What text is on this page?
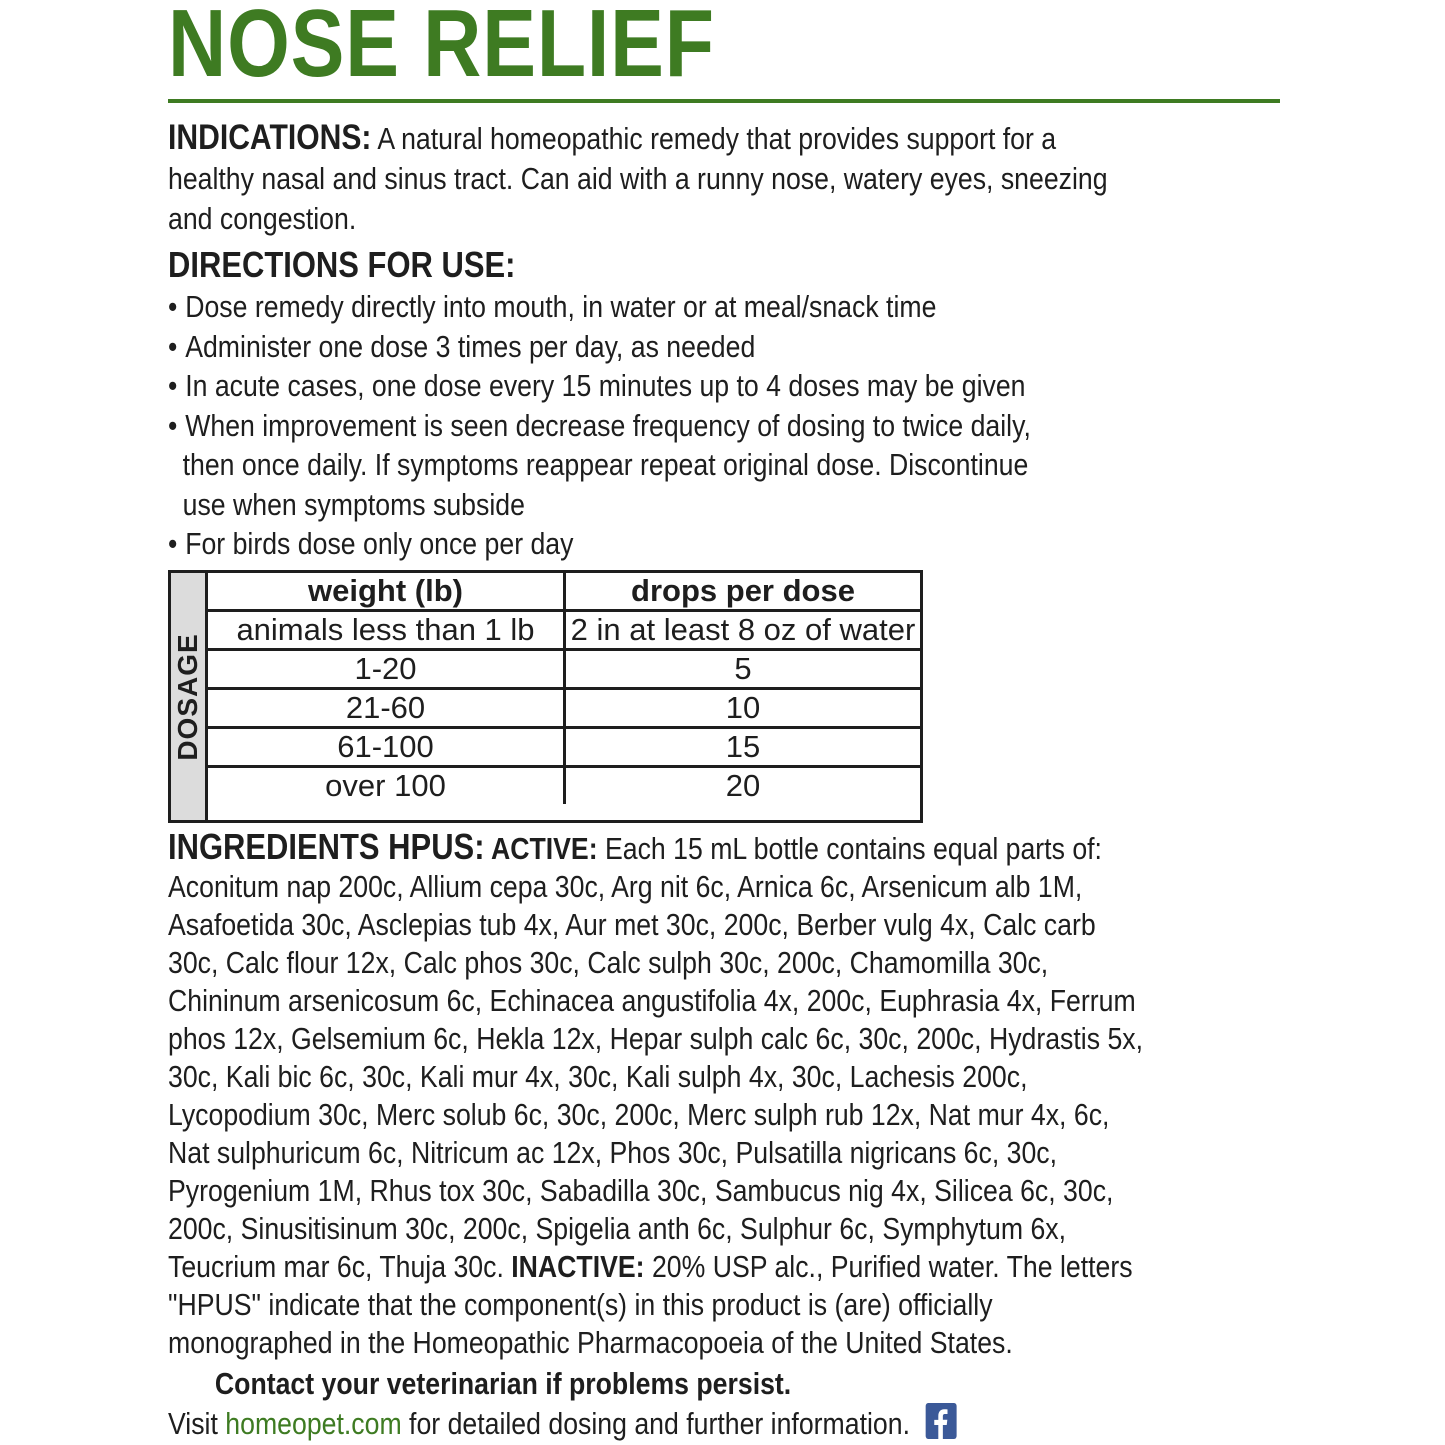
NOSE RELIEF
INDICATIONS: A natural homeopathic remedy that provides support for a
healthy nasal and sinus tract. Can aid with a runny nose, watery eyes, sneezing
and congestion.
DIRECTIONS FOR USE:
• Dose remedy directly into mouth, in water or at meal/snack time
• Administer one dose 3 times per day, as needed
• In acute cases, one dose every 15 minutes up to 4 doses may be given
• When improvement is seen decrease frequency of dosing to twice daily,
then once daily. If symptoms reappear repeat original dose. Discontinue
use when symptoms subside
• For birds dose only once per day
DOSAGE
weight (lb)	drops per dose
animals less than 1 lb	2 in at least 8 oz of water
1-20	5
21-60	10
61-100	15
over 100	20

INGREDIENTS HPUS: ACTIVE: Each 15 mL bottle contains equal parts of:

Aconitum nap 200c, Allium cepa 30c, Arg nit 6c, Arnica 6c, Arsenicum alb 1M,

Asafoetida 30c, Asclepias tub 4x, Aur met 30c, 200c, Berber vulg 4x, Calc carb

30c, Calc flour 12x, Calc phos 30c, Calc sulph 30c, 200c, Chamomilla 30c,

Chininum arsenicosum 6c, Echinacea angustifolia 4x, 200c, Euphrasia 4x, Ferrum

phos 12x, Gelsemium 6c, Hekla 12x, Hepar sulph calc 6c, 30c, 200c, Hydrastis 5x,

30c, Kali bic 6c, 30c, Kali mur 4x, 30c, Kali sulph 4x, 30c, Lachesis 200c,

Lycopodium 30c, Merc solub 6c, 30c, 200c, Merc sulph rub 12x, Nat mur 4x, 6c,

Nat sulphuricum 6c, Nitricum ac 12x, Phos 30c, Pulsatilla nigricans 6c, 30c,

Pyrogenium 1M, Rhus tox 30c, Sabadilla 30c, Sambucus nig 4x, Silicea 6c, 30c,

200c, Sinusitisinum 30c, 200c, Spigelia anth 6c, Sulphur 6c, Symphytum 6x,

Teucrium mar 6c, Thuja 30c. INACTIVE: 20% USP alc., Purified water. The letters

"HPUS" indicate that the component(s) in this product is (are) officially

monographed in the Homeopathic Pharmacopoeia of the United States.

Contact your veterinarian if problems persist.
Visit homeopet.com for detailed dosing and further information.
